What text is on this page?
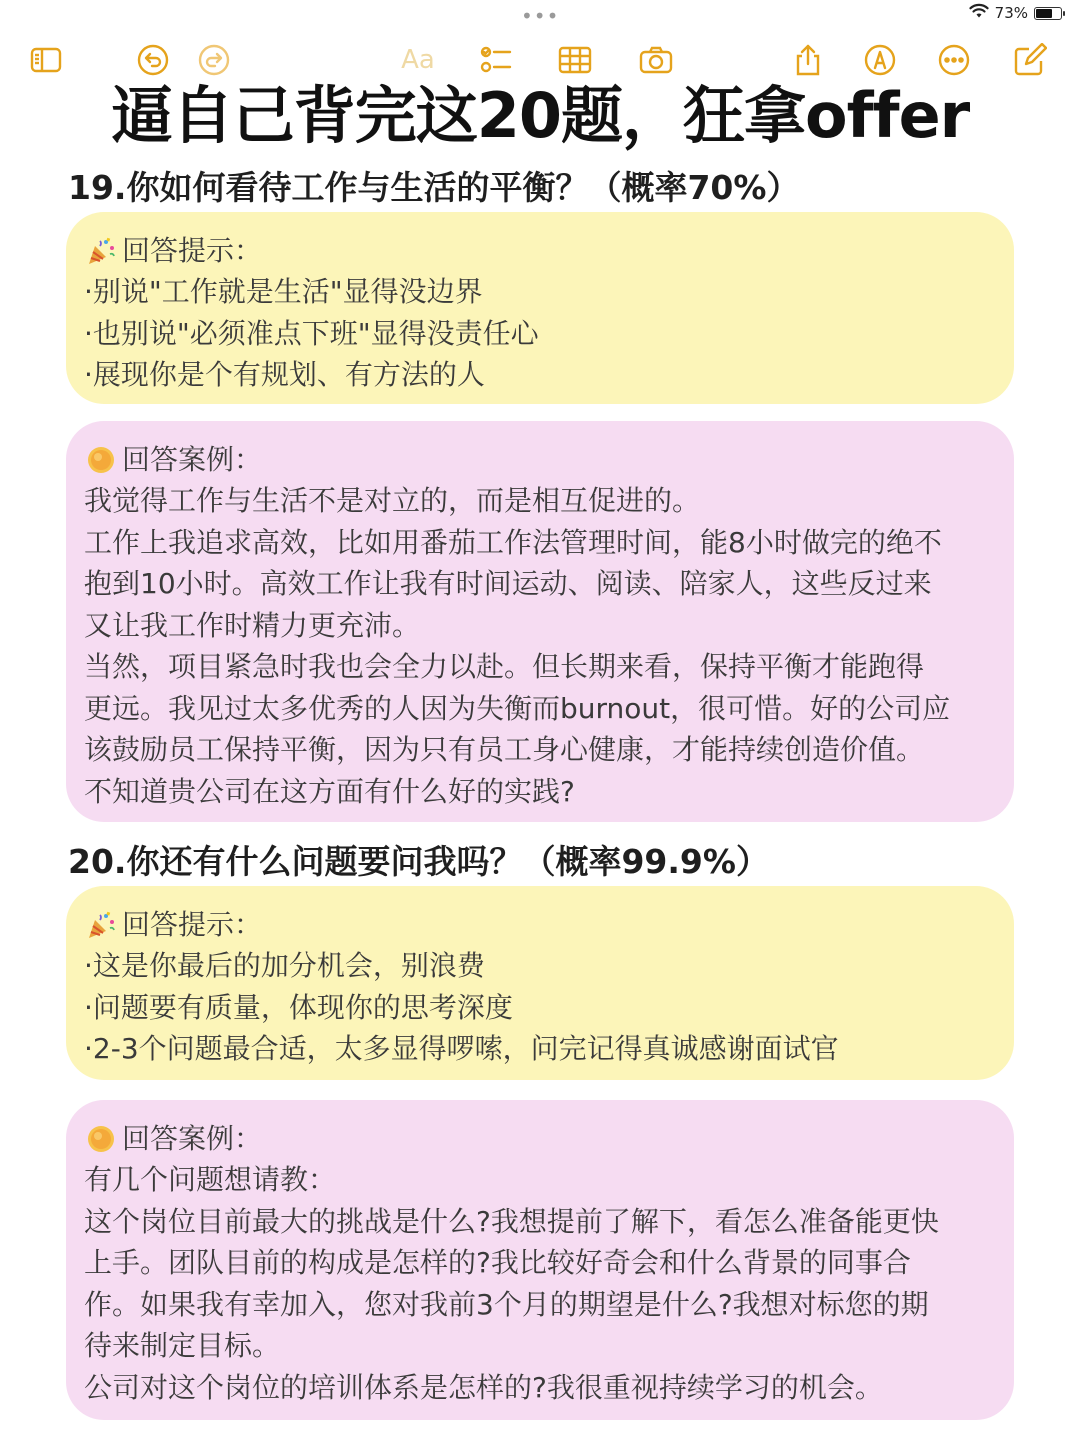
•••	73%
Aa
逼自己背完这20题，狂拿offer
19.你如何看待工作与生活的平衡？（概率70%）
回答提示：
·别说"工作就是生活"显得没边界
·也别说"必须准点下班"显得没责任心
·展现你是个有规划、有方法的人
回答案例：
我觉得工作与生活不是对立的，而是相互促进的。
工作上我追求高效，比如用番茄工作法管理时间，能8小时做完的绝不
抱到10小时。高效工作让我有时间运动、阅读、陪家人，这些反过来
又让我工作时精力更充沛。
当然，项目紧急时我也会全力以赴。但长期来看，保持平衡才能跑得
更远。我见过太多优秀的人因为失衡而burnout，很可惜。好的公司应
该鼓励员工保持平衡，因为只有员工身心健康，才能持续创造价值。
不知道贵公司在这方面有什么好的实践?
20.你还有什么问题要问我吗？（概率99.9%）
回答提示：
·这是你最后的加分机会，别浪费
·问题要有质量，体现你的思考深度
·2-3个问题最合适，太多显得啰嗦，问完记得真诚感谢面试官
回答案例：
有几个问题想请教：
这个岗位目前最大的挑战是什么?我想提前了解下，看怎么准备能更快
上手。团队目前的构成是怎样的?我比较好奇会和什么背景的同事合
作。如果我有幸加入，您对我前3个月的期望是什么?我想对标您的期
待来制定目标。
公司对这个岗位的培训体系是怎样的?我很重视持续学习的机会。
